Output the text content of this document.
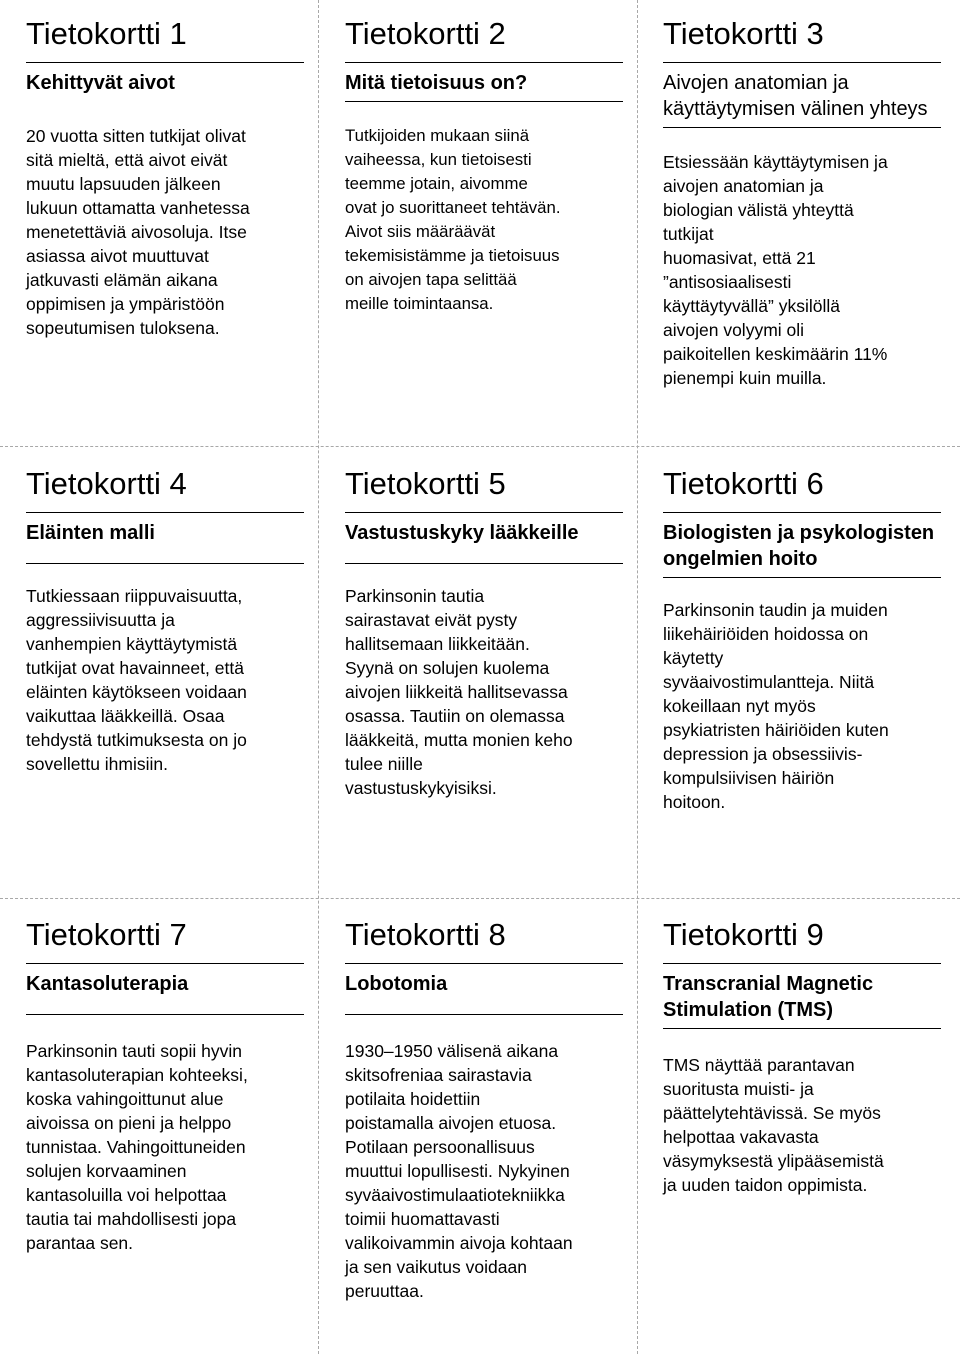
Tietokortti 1
Kehittyvät aivot
20 vuotta sitten tutkijat olivat
sitä mieltä, että aivot eivät
muutu lapsuuden jälkeen
lukuun ottamatta vanhetessa
menetettäviä aivosoluja. Itse
asiassa aivot muuttuvat
jatkuvasti elämän aikana
oppimisen ja ympäristöön
sopeutumisen tuloksena.
Tietokortti 2
Mitä tietoisuus on?
Tutkijoiden mukaan siinä
vaiheessa, kun tietoisesti
teemme jotain, aivomme
ovat jo suorittaneet tehtävän.
Aivot siis määräävät
tekemisistämme ja tietoisuus
on aivojen tapa selittää
meille toimintaansa.
Tietokortti 3
Aivojen anatomian ja käyttäytymisen välinen yhteys
Etsiessään käyttäytymisen ja
aivojen anatomian ja
biologian välistä yhteyttä
tutkijat
huomasivat, että 21
”antisosiaalisesti
käyttäytyvällä” yksilöllä
aivojen volyymi oli
paikoitellen keskimäärin 11%
pienempi kuin muilla.
Tietokortti 4
Eläinten malli
Tutkiessaan riippuvaisuutta,
aggressiivisuutta ja
vanhempien käyttäytymistä
tutkijat ovat havainneet, että
eläinten käytökseen voidaan
vaikuttaa lääkkeillä. Osaa
tehdystä tutkimuksesta on jo
sovellettu ihmisiin.
Tietokortti 5
Vastustuskyky lääkkeille
Parkinsonin tautia
sairastavat eivät pysty
hallitsemaan liikkeitään.
Syynä on solujen kuolema
aivojen liikkeitä hallitsevassa
osassa. Tautiin on olemassa
lääkkeitä, mutta monien keho
tulee niille
vastustuskykyisiksi.
Tietokortti 6
Biologisten ja psykologisten ongelmien hoito
Parkinsonin taudin ja muiden
liikehäiriöiden hoidossa on
käytetty
syväaivostimulantteja. Niitä
kokeillaan nyt myös
psykiatristen häiriöiden kuten
depression ja obsessiivis-
kompulsiivisen häiriön
hoitoon.
Tietokortti 7
Kantasoluterapia
Parkinsonin tauti sopii hyvin
kantasoluterapian kohteeksi,
koska vahingoittunut alue
aivoissa on pieni ja helppo
tunnistaa. Vahingoittuneiden
solujen korvaaminen
kantasoluilla voi helpottaa
tautia tai mahdollisesti jopa
parantaa sen.
Tietokortti 8
Lobotomia
1930–1950 välisenä aikana
skitsofreniaa sairastavia
potilaita hoidettiin
poistamalla aivojen etuosa.
Potilaan persoonallisuus
muuttui lopullisesti. Nykyinen
syväaivostimulaatiotekniikka
toimii huomattavasti
valikoivammin aivoja kohtaan
ja sen vaikutus voidaan
peruuttaa.
Tietokortti 9
Transcranial Magnetic Stimulation (TMS)
TMS näyttää parantavan
suoritusta muisti- ja
päättelytehtävissä. Se myös
helpottaa vakavasta
väsymyksestä ylipääsemistä
ja uuden taidon oppimista.
